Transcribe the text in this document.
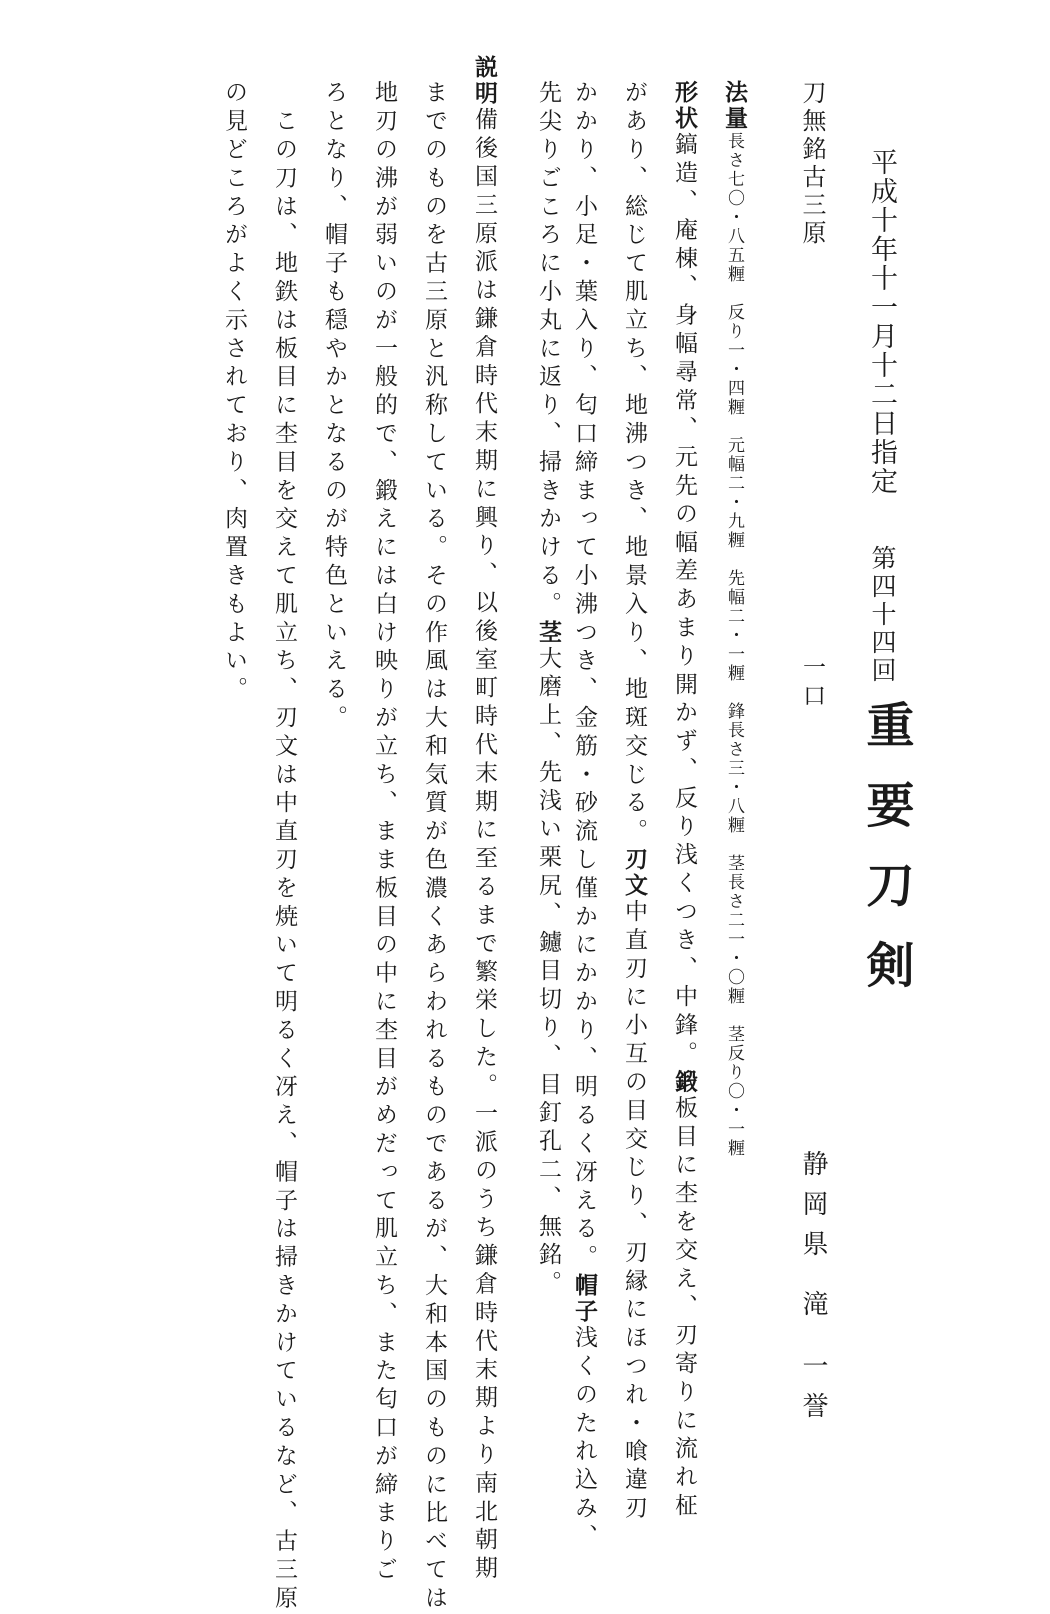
平成十年十一月十二日指定
第四十四回
重要刀剣
刀無銘古三原
一口
静岡県
滝 一誉
法量長さ七〇・八五糎　反り一・四糎　元幅二・九糎　先幅二・一糎　鋒長さ三・八糎　茎長さ二一・〇糎　茎反り〇・一糎
形状鎬造、庵棟、身幅尋常、元先の幅差あまり開かず、反り浅くつき、中鋒。鍛板目に杢を交え、刃寄りに流れ柾
があり、総じて肌立ち、地沸つき、地景入り、地斑交じる。刃文中直刃に小互の目交じり、刃縁にほつれ・喰違刃
かかり、小足・葉入り、匂口締まって小沸つき、金筋・砂流し僅かにかかり、明るく冴える。帽子浅くのたれ込み、
先尖りごころに小丸に返り、掃きかける。茎大磨上、先浅い栗尻、鑢目切り、目釘孔二、無銘。
説明備後国三原派は鎌倉時代末期に興り、以後室町時代末期に至るまで繁栄した。一派のうち鎌倉時代末期より南北朝期
までのものを古三原と汎称している。その作風は大和気質が色濃くあらわれるものであるが、大和本国のものに比べては
地刃の沸が弱いのが一般的で、鍛えには白け映りが立ち、まま板目の中に杢目がめだって肌立ち、また匂口が締まりご
ろとなり、帽子も穏やかとなるのが特色といえる。
　この刀は、地鉄は板目に杢目を交えて肌立ち、刃文は中直刃を焼いて明るく冴え、帽子は掃きかけているなど、古三原
の見どころがよく示されており、肉置きもよい。
